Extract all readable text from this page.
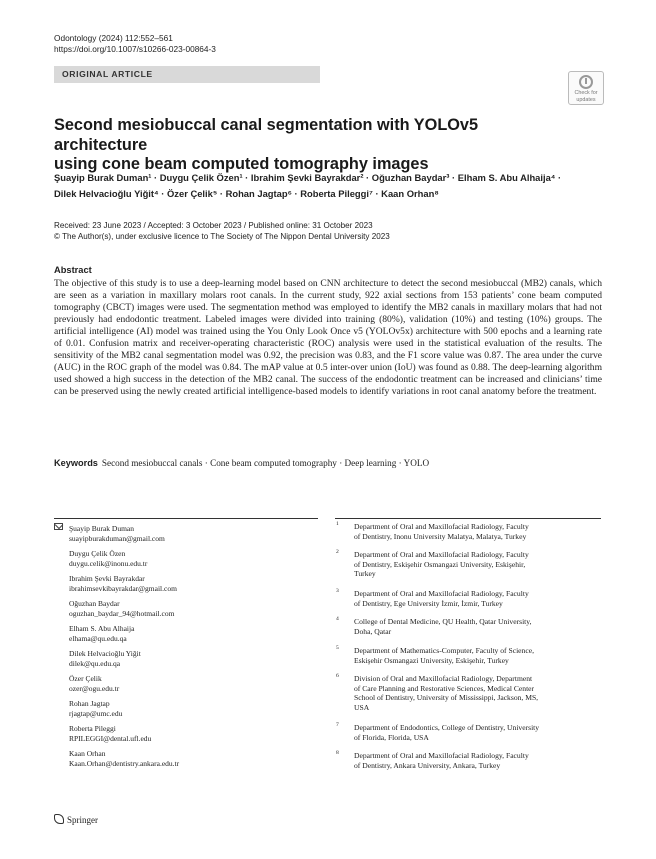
Odontology (2024) 112:552–561
https://doi.org/10.1007/s10266-023-00864-3
ORIGINAL ARTICLE
Check for
updates
Second mesiobuccal canal segmentation with YOLOv5 architecture
using cone beam computed tomography images
Şuayip Burak Duman¹ · Duygu Çelik Özen¹ · Ibrahim Şevki Bayrakdar² · Oğuzhan Baydar³ · Elham S. Abu Alhaija⁴ ·
Dilek Helvacioğlu Yiğit⁴ · Özer Çelik⁵ · Rohan Jagtap⁶ · Roberta Pileggi⁷ · Kaan Orhan⁸
Received: 23 June 2023 / Accepted: 3 October 2023 / Published online: 31 October 2023
© The Author(s), under exclusive licence to The Society of The Nippon Dental University 2023
Abstract
The objective of this study is to use a deep-learning model based on CNN architecture to detect the second mesiobuccal (MB2) canals, which are seen as a variation in maxillary molars root canals. In the current study, 922 axial sections from 153 patients’ cone beam computed tomography (CBCT) images were used. The segmentation method was employed to identify the MB2 canals in maxillary molars that had not previously had endodontic treatment. Labeled images were divided into training (80%), validation (10%) and testing (10%) groups. The artificial intelligence (AI) model was trained using the You Only Look Once v5 (YOLOv5x) architecture with 500 epochs and a learning rate of 0.01. Confusion matrix and receiver-operating characteristic (ROC) analysis were used in the statistical evaluation of the results. The sensitivity of the MB2 canal segmentation model was 0.92, the precision was 0.83, and the F1 score value was 0.87. The area under the curve (AUC) in the ROC graph of the model was 0.84. The mAP value at 0.5 inter-over union (IoU) was found as 0.88. The deep-learning algorithm used showed a high success in the detection of the MB2 canal. The success of the endodontic treatment can be increased and clinicians’ time can be preserved using the newly created artificial intelligence-based models to identify variations in root canal anatomy before the treatment.
Keywords Second mesiobuccal canals · Cone beam computed tomography · Deep learning · YOLO
Şuayip Burak Duman
suayipburakduman@gmail.com
Duygu Çelik Özen
duygu.celik@inonu.edu.tr
Ibrahim Şevki Bayrakdar
ibrahimsevkibayrakdar@gmail.com
Oğuzhan Baydar
oguzhan_baydar_94@hotmail.com
Elham S. Abu Alhaija
elhama@qu.edu.qa
Dilek Helvacioğlu Yiğit
dilek@qu.edu.qa
Özer Çelik
ozer@ogu.edu.tr
Rohan Jagtap
rjagtap@umc.edu
Roberta Pileggi
RPILEGGI@dental.ufl.edu
Kaan Orhan
Kaan.Orhan@dentistry.ankara.edu.tr
1 Department of Oral and Maxillofacial Radiology, Faculty
of Dentistry, Inonu University Malatya, Malatya, Turkey
2 Department of Oral and Maxillofacial Radiology, Faculty
of Dentistry, Eskişehir Osmangazi University, Eskişehir,
Turkey
3 Department of Oral and Maxillofacial Radiology, Faculty
of Dentistry, Ege University İzmir, İzmir, Turkey
4 College of Dental Medicine, QU Health, Qatar University,
Doha, Qatar
5 Department of Mathematics-Computer, Faculty of Science,
Eskişehir Osmangazi University, Eskişehir, Turkey
6 Division of Oral and Maxillofacial Radiology, Department
of Care Planning and Restorative Sciences, Medical Center
School of Dentistry, University of Mississippi, Jackson, MS,
USA
7 Department of Endodontics, College of Dentistry, University
of Florida, Florida, USA
8 Department of Oral and Maxillofacial Radiology, Faculty
of Dentistry, Ankara University, Ankara, Turkey
Springer
